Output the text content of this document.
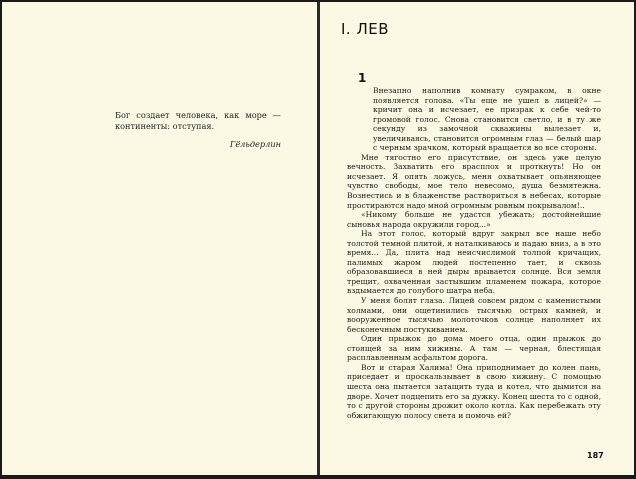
Бог создает человека, как море — континенты: отступая.
Гёльдерлин
I. ЛЕВ
1

Внезапно наполнив комнату сумраком, в окне появляется голова. «Ты еще не ушел в лицей?» — кричит она и исчезает, ее призрак к себе чей-то громовой голос. Снова становится светло, и в ту же секунду из замочной скважины вылезает и, увеличиваясь, становится огромным глаз — белый шар с черным зрачком, который вращается во все стороны.

Мне тягостно его присутствие, он здесь уже целую вечность. Захватить его врасплох и проткнуть! Но он исчезает. Я опять ложусь, меня охватывает опьяняющее чувство свободы, мое тело невесомо, душа безмятежна. Вознестись и в блаженстве раствориться в небесах, которые простираются надо мной огромным ровным покрывалом!..

«Никому больше не удастся убежать; достойнейшие сыновья народа окружили город...»

На этот голос, который вдруг закрыл все наше небо толстой темной плитой, я наталкиваюсь и падаю вниз, а в это время... Да, плита над неисчислимой толпой кричащих, палимых жаром людей постепенно тает, и сквозь образовавшиеся в ней дыры врывается солнце. Вся земля трещит, охваченная застывшим пламенем пожара, которое вздымается до голубого шатра неба.

У меня болят глаза. Лицей совсем рядом с каменистыми холмами, они ощетинились тысячью острых камней, и вооруженное тысячью молоточков солнце наполняет их бесконечным постукиванием.

Один прыжок до дома моего отца, один прыжок до стоящей за ним хижины. А там — черная, блестящая расплавленным асфальтом дорога.

Вот и старая Халима! Она приподнимает до колен пань, приседает и проскальзывает в свою хижину. С помощью шеста она пытается затащить туда и котел, что дымится на дворе. Хочет подцепить его за дужку. Конец шеста то с одной, то с другой стороны дрожит около котла. Как перебежать эту обжигающую полосу света и помочь ей?

187
